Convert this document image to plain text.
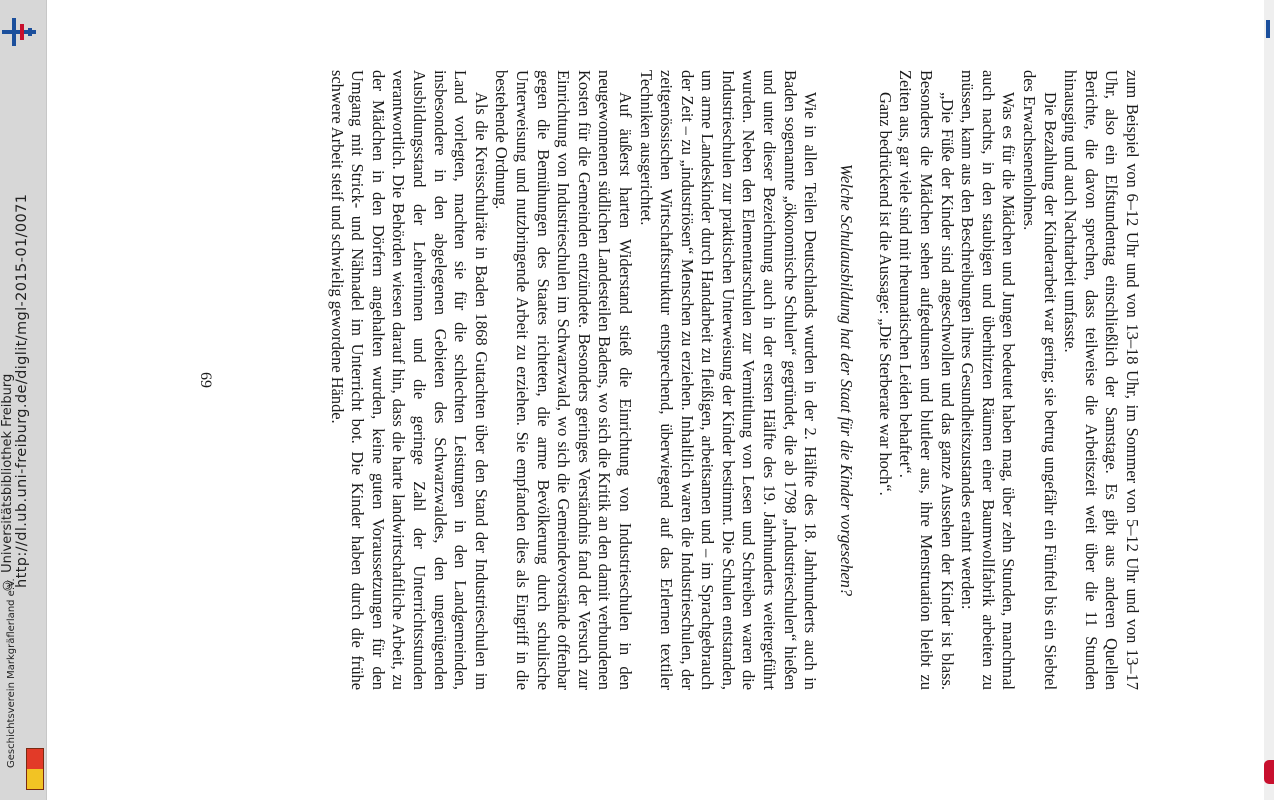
http://dl.ub.uni-freiburg.de/diglit/mgl-2015-01/0071
© Universitätsbibliothek Freiburg
Geschichtsverein Markgräflerland e.V.	zum Beispiel von 6–12 Uhr und von 13–18 Uhr, im Sommer von 5–12 Uhr und von 13–17 Uhr, also ein Elfstundentag einschließlich der Samstage. Es gibt aus anderen Quellen Berichte, die davon sprechen, dass teilweise die Arbeitszeit weit über die 11 Stunden hinausging und auch Nachtarbeit umfasste.

Die Bezahlung der Kinderarbeit war gering; sie betrug ungefähr ein Fünftel bis ein Siebtel des Erwachsenenlohnes.

Was es für die Mädchen und Jungen bedeutet haben mag, über zehn Stunden, manchmal auch nachts, in den staubigen und überhitzten Räumen einer Baumwollfabrik arbeiten zu müssen, kann aus den Beschreibungen ihres Gesundheitszustandes erahnt werden:

„Die Füße der Kinder sind angeschwollen und das ganze Aussehen der Kinder ist blass. Besonders die Mädchen sehen aufgedunsen und blutleer aus, ihre Menstruation bleibt zu Zeiten aus, gar viele sind mit rheumatischen Leiden behaftet“.

Ganz bedrückend ist die Aussage: „Die Sterberate war hoch“.

Welche Schulausbildung hat der Staat für die Kinder vorgesehen?

Wie in allen Teilen Deutschlands wurden in der 2. Hälfte des 18. Jahrhunderts auch in Baden sogenannte „ökonomische Schulen“ gegründet, die ab 1798 „Industrieschulen“ hießen und unter dieser Bezeichnung auch in der ersten Hälfte des 19. Jahrhunderts weitergeführt wurden. Neben den Elementarschulen zur Vermittlung von Lesen und Schreiben waren die Industrieschulen zur praktischen Unterweisung der Kinder bestimmt. Die Schulen entstanden, um arme Landeskinder durch Handarbeit zu fleißigen, arbeitsamen und – im Sprachgebrauch der Zeit – zu „industriösen“ Menschen zu erziehen. Inhaltlich waren die Industrieschulen, der zeitgenössischen Wirtschaftsstruktur entsprechend, überwiegend auf das Erlernen textiler Techniken ausgerichtet.

Auf äußerst harten Widerstand stieß die Einrichtung von Industrieschulen in den neugewonnenen südlichen Landesteilen Badens, wo sich die Kritik an den damit verbundenen Kosten für die Gemeinden entzündete. Besonders geringes Verständnis fand der Versuch zur Einrichtung von Industrieschulen im Schwarzwald, wo sich die Gemeindevorstände offenbar gegen die Bemühungen des Staates richteten, die arme Bevölkerung durch schulische Unterweisung und nutzbringende Arbeit zu erziehen. Sie empfanden dies als Eingriff in die bestehende Ordnung.

Als die Kreisschulräte in Baden 1868 Gutachten über den Stand der Industrieschulen im Land vorlegten, machten sie für die schlechten Leistungen in den Landgemeinden, insbesondere in den abgelegenen Gebieten des Schwarzwaldes, den ungenügenden Ausbildungsstand der Lehrerinnen und die geringe Zahl der Unterrichtsstunden verantwortlich. Die Behörden wiesen darauf hin, dass die harte landwirtschaftliche Arbeit, zu der Mädchen in den Dörfern angehalten wurden, keine guten Voraussetzungen für den Umgang mit Strick- und Nähnadel im Unterricht bot. Die Kinder haben durch die frühe schwere Arbeit steif und schwielig gewordene Hände.

69
